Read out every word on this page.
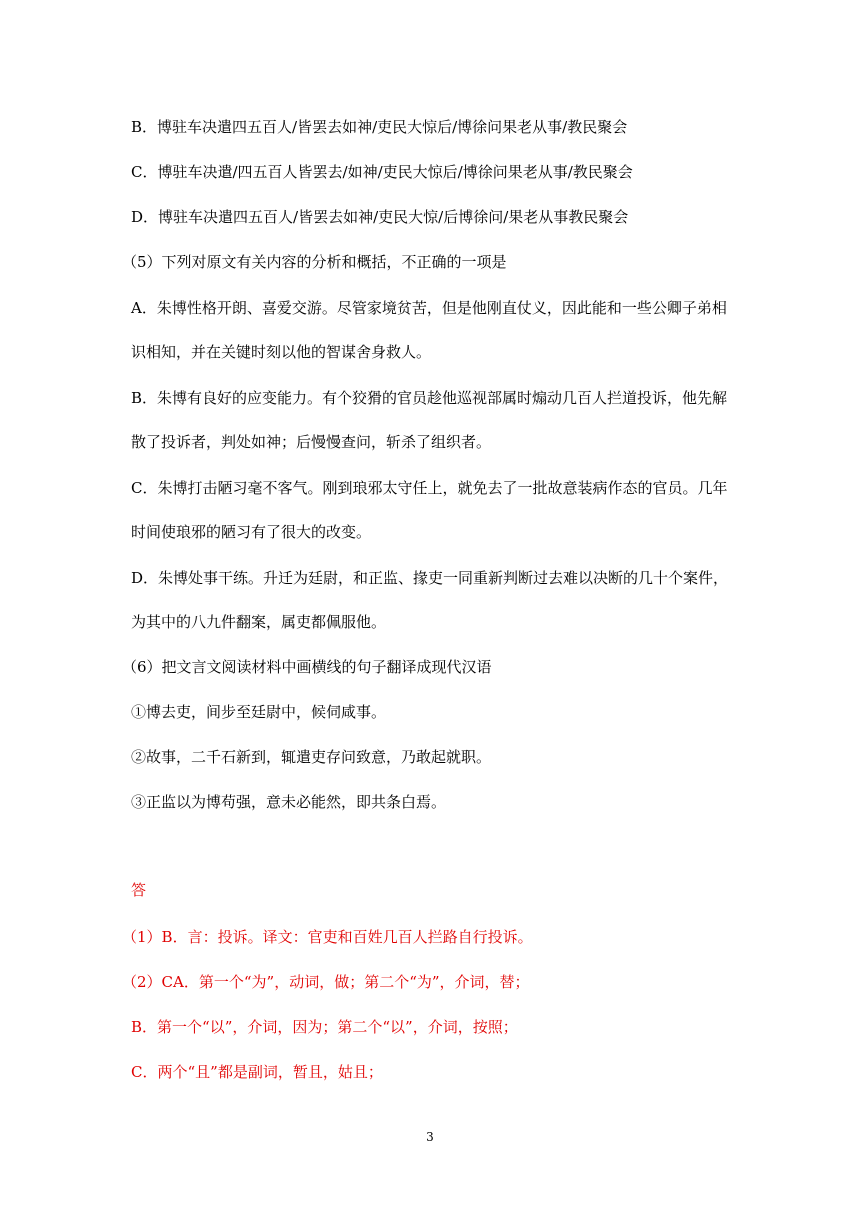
B．博驻车决遣四五百人/皆罢去如神/吏民大惊后/博徐问果老从事/教民聚会

C．博驻车决遣/四五百人皆罢去/如神/吏民大惊后/博徐问果老从事/教民聚会

D．博驻车决遣四五百人/皆罢去如神/吏民大惊/后博徐问/果老从事教民聚会

（5）下列对原文有关内容的分析和概括，不正确的一项是

A．朱博性格开朗、喜爱交游。尽管家境贫苦，但是他刚直仗义，因此能和一些公卿子弟相

识相知，并在关键时刻以他的智谋舍身救人。

B．朱博有良好的应变能力。有个狡猾的官员趁他巡视部属时煽动几百人拦道投诉，他先解

散了投诉者，判处如神；后慢慢查问，斩杀了组织者。

C．朱博打击陋习毫不客气。刚到琅邪太守任上，就免去了一批故意装病作态的官员。几年

时间使琅邪的陋习有了很大的改变。

D．朱博处事干练。升迁为廷尉，和正监、掾吏一同重新判断过去难以决断的几十个案件，

为其中的八九件翻案，属吏都佩服他。

（6）把文言文阅读材料中画横线的句子翻译成现代汉语

①博去吏，间步至廷尉中，候伺咸事。

②故事，二千石新到，辄遣吏存问致意，乃敢起就职。

③正监以为博苟强，意未必能然，即共条白焉。

答

（1）B．言：投诉。译文：官吏和百姓几百人拦路自行投诉。

（2）CA．第一个“为”，动词，做；第二个“为”，介词，替；

B．第一个“以”，介词，因为；第二个“以”，介词，按照；

C．两个“且”都是副词，暂且，姑且；

3
